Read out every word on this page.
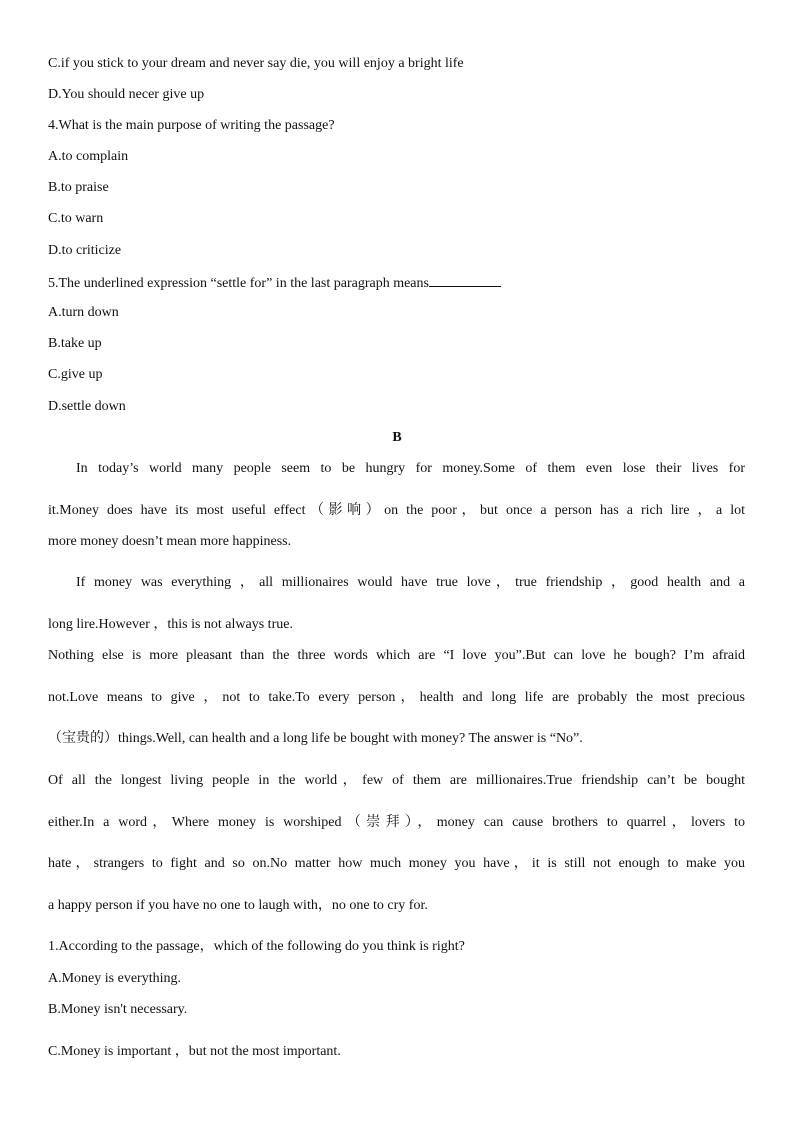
C.if you stick to your dream and never say die, you will enjoy a bright life
D.You should necer give up
4.What is the main purpose of writing the passage?
A.to complain
B.to praise
C.to warn
D.to criticize
5.The underlined expression “settle for” in the last paragraph means
A.turn down
B.take up
C.give up
D.settle down
B
In today’s world many people seem to be hungry for money.Some of them even lose their lives for
it.Money does have its most useful effect（影响）on the poor，but once a person has a rich lire ，a lot
more money doesn’t mean more happiness.
If money was everything ，all millionaires would have true love，true friendship ，good health and a
long lire.However ，this is not always true.
Nothing else is more pleasant than the three words which are “I love you”.But can love he bough? I’m afraid
not.Love means to give ，not to take.To every person，health and long life are probably the most precious
（宝贵的）things.Well, can health and a long life be bought with money? The answer is “No”.
Of all the longest living people in the world，few of them are millionaires.True friendship can’t be bought
either.In a word，Where money is worshiped（崇拜），money can cause brothers to quarrel，lovers to
hate，strangers to fight and so on.No matter how much money you have，it is still not enough to make you
a happy person if you have no one to laugh with，no one to cry for.
1.According to the passage，which of the following do you think is right?
A.Money is everything.
B.Money isn't necessary.
C.Money is important ，but not the most important.
